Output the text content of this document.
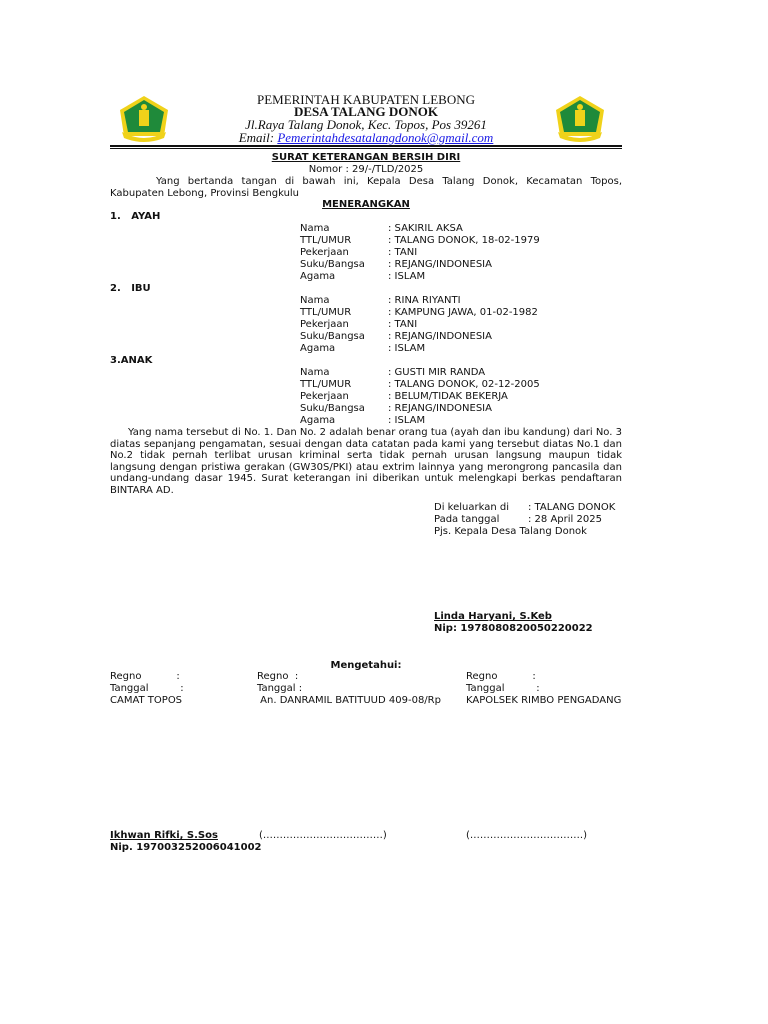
PEMERINTAH KABUPATEN LEBONG
DESA TALANG DONOK
Jl.Raya Talang Donok, Kec. Topos, Pos 39261
Email: Pemerintahdesatalangdonok@gmail.com
SURAT KETERANGAN BERSIH DIRI
Nomor : 29/-/TLD/2025
Yang bertanda tangan di bawah ini, Kepala Desa Talang Donok, Kecamatan Topos, Kabupaten Lebong, Provinsi Bengkulu
MENERANGKAN
1.   AYAH
Nama	: SAKIRIL AKSA
TTL/UMUR	: TALANG DONOK, 18-02-1979
Pekerjaan	: TANI
Suku/Bangsa : REJANG/INDONESIA
Agama	: ISLAM
2.   IBU
Nama	: RINA RIYANTI
TTL/UMUR	: KAMPUNG JAWA, 01-02-1982
Pekerjaan	: TANI
Suku/Bangsa : REJANG/INDONESIA
Agama	: ISLAM
3.ANAK
Nama	: GUSTI MIR RANDA
TTL/UMUR	: TALANG DONOK, 02-12-2005
Pekerjaan	: BELUM/TIDAK BEKERJA
Suku/Bangsa : REJANG/INDONESIA
Agama	: ISLAM
Yang nama tersebut di No. 1. Dan No. 2 adalah benar orang tua (ayah dan ibu kandung) dari No. 3 diatas sepanjang pengamatan, sesuai dengan data catatan pada kami yang tersebut diatas No.1 dan No.2 tidak pernah terlibat urusan kriminal serta tidak pernah urusan langsung maupun tidak langsung dengan pristiwa gerakan (GW30S/PKI) atau extrim lainnya yang merongrong pancasila dan undang-undang dasar 1945. Surat keterangan ini diberikan untuk melengkapi berkas pendaftaran BINTARA AD.
Di keluarkan di : TALANG DONOK
Pada tanggal	: 28 April 2025
Pjs. Kepala Desa Talang Donok
Linda Haryani, S.Keb
Nip: 197808082005022002​2
Mengetahui:
Regno           :
Tanggal          :
CAMAT TOPOS
Regno  :
Tanggal :
An. DANRAMIL BATITUUD 409-08/Rp
Regno           :
Tanggal          :
KAPOLSEK RIMBO PENGADANG
Ikhwan Rifki, S.Sos
Nip. 197003252006041002
(………………………………)	(…………………………….)
